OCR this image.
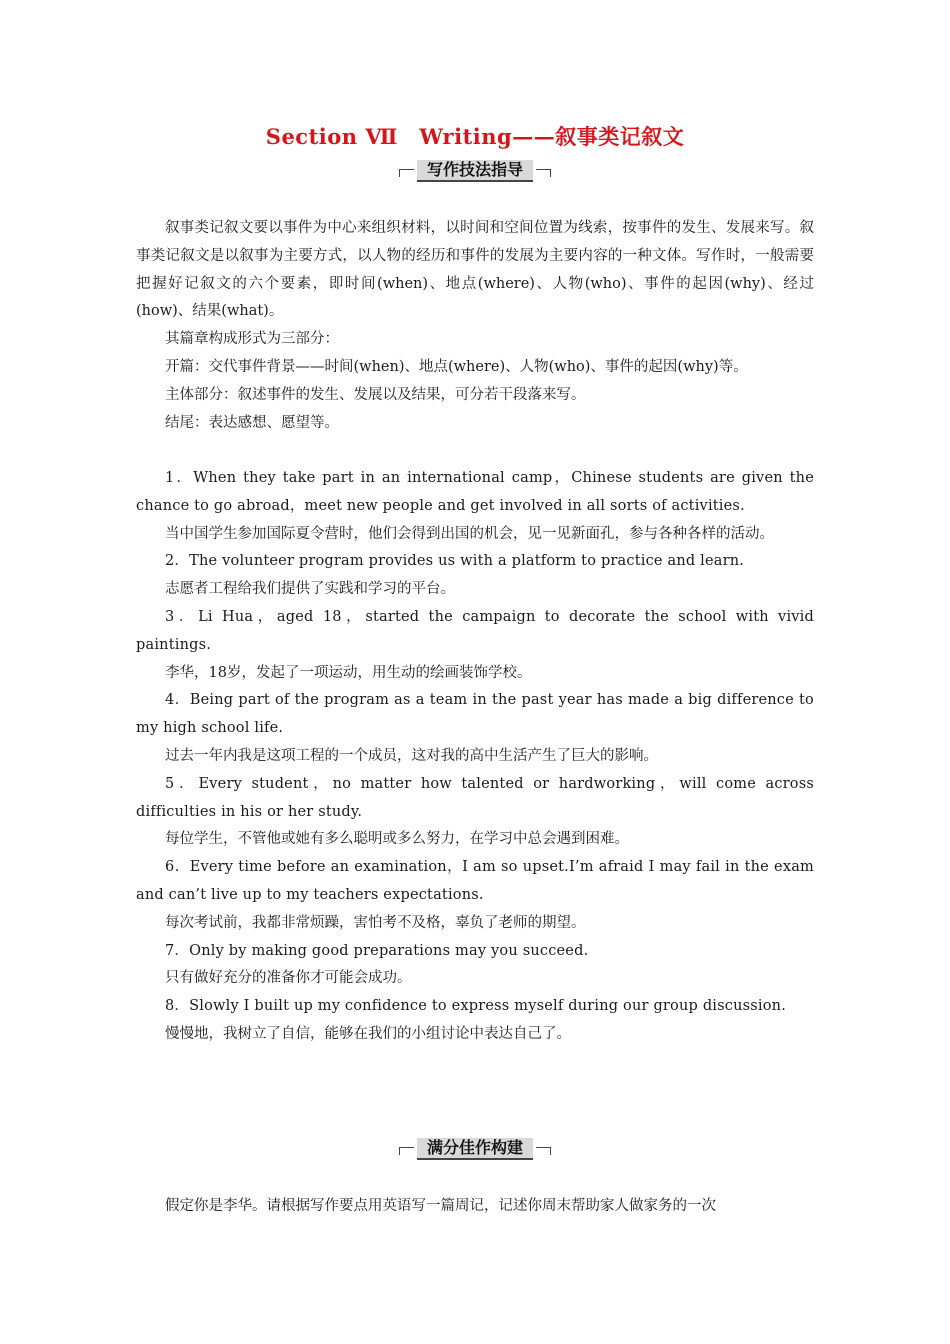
Section Ⅶ　Writing——叙事类记叙文
写作技法指导

叙事类记叙文要以事件为中心来组织材料，以时间和空间位置为线索，按事件的发生、发展来写。叙事类记叙文是以叙事为主要方式，以人物的经历和事件的发展为主要内容的一种文体。写作时，一般需要把握好记叙文的六个要素，即时间(when)、地点(where)、人物(who)、事件的起因(why)、经过(how)、结果(what)。

其篇章构成形式为三部分：

开篇：交代事件背景——时间(when)、地点(where)、人物(who)、事件的起因(why)等。

主体部分：叙述事件的发生、发展以及结果，可分若干段落来写。

结尾：表达感想、愿望等。

1．When they take part in an international camp，Chinese students are given the chance to go abroad，meet new people and get involved in all sorts of activities.

当中国学生参加国际夏令营时，他们会得到出国的机会，见一见新面孔，参与各种各样的活动。

2．The volunteer program provides us with a platform to practice and learn.

志愿者工程给我们提供了实践和学习的平台。

3．Li Hua，aged 18，started the campaign to decorate the school with vivid paintings.

李华，18岁，发起了一项运动，用生动的绘画装饰学校。

4．Being part of the program as a team in the past year has made a big difference to my high school life.

过去一年内我是这项工程的一个成员，这对我的高中生活产生了巨大的影响。

5．Every student，no matter how talented or hardworking，will come across difficulties in his or her study.

每位学生，不管他或她有多么聪明或多么努力，在学习中总会遇到困难。

6．Every time before an examination，I am so upset.I’m afraid I may fail in the exam and can’t live up to my teachers expectations.

每次考试前，我都非常烦躁，害怕考不及格，辜负了老师的期望。

7．Only by making good preparations may you succeed.

只有做好充分的准备你才可能会成功。

8．Slowly I built up my confidence to express myself during our group discussion.

慢慢地，我树立了自信，能够在我们的小组讨论中表达自己了。

满分佳作构建

假定你是李华。请根据写作要点用英语写一篇周记，记述你周末帮助家人做家务的一次
